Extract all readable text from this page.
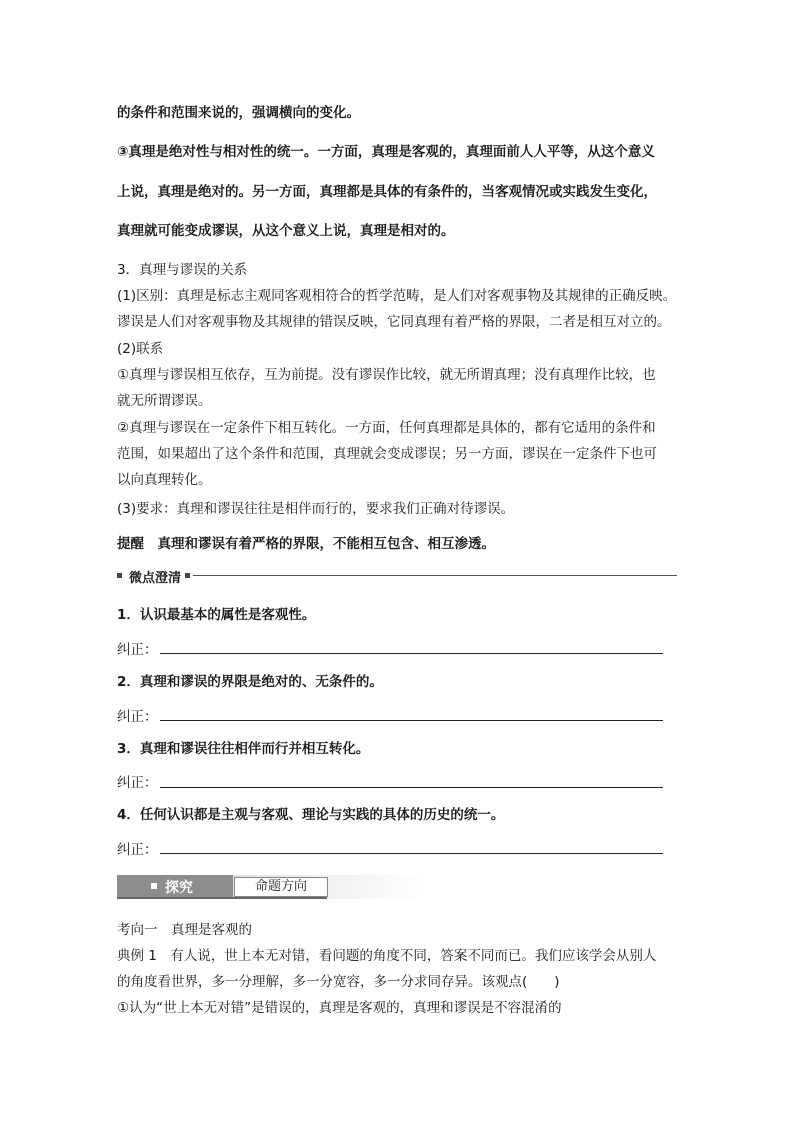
的条件和范围来说的，强调横向的变化。
③真理是绝对性与相对性的统一。一方面，真理是客观的，真理面前人人平等，从这个意义
上说，真理是绝对的。另一方面，真理都是具体的有条件的，当客观情况或实践发生变化，
真理就可能变成谬误，从这个意义上说，真理是相对的。
3．真理与谬误的关系
(1)区别：真理是标志主观同客观相符合的哲学范畴，是人们对客观事物及其规律的正确反映。
谬误是人们对客观事物及其规律的错误反映，它同真理有着严格的界限，二者是相互对立的。
(2)联系
①真理与谬误相互依存，互为前提。没有谬误作比较，就无所谓真理；没有真理作比较，也
就无所谓谬误。
②真理与谬误在一定条件下相互转化。一方面，任何真理都是具体的，都有它适用的条件和
范围，如果超出了这个条件和范围，真理就会变成谬误；另一方面，谬误在一定条件下也可
以向真理转化。
(3)要求：真理和谬误往往是相伴而行的，要求我们正确对待谬误。
提醒　真理和谬误有着严格的界限，不能相互包含、相互渗透。
微点澄清
1．认识最基本的属性是客观性。
纠正：
2．真理和谬误的界限是绝对的、无条件的。
纠正：
3．真理和谬误往往相伴而行并相互转化。
纠正：
4．任何认识都是主观与客观、理论与实践的具体的历史的统一。
纠正：
探究	命题方向
考向一　真理是客观的
典例 1　有人说，世上本无对错，看问题的角度不同，答案不同而已。我们应该学会从别人
的角度看世界，多一分理解，多一分宽容，多一分求同存异。该观点(　　)
①认为“世上本无对错”是错误的，真理是客观的，真理和谬误是不容混淆的
